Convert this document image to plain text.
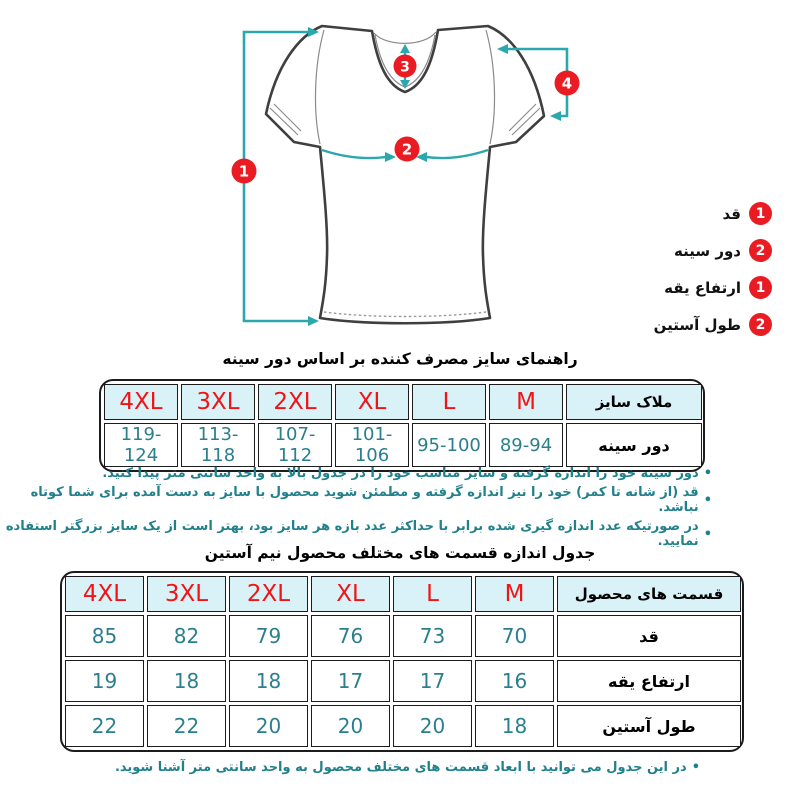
1
2
3
4
1
قد
2
دور سینه
1
ارتفاع یقه
2
طول آستین
راهنمای سایز مصرف کننده بر اساس دور سینه
4XL	3XL	2XL	XL	L	M	ملاک سایز
119-124	113-118	107-112	101-106	95-100	89-94	دور سینه
•
دور سینه خود را اندازه گرفته و سایز مناسب خود را در جدول بالا به واحد سانتی متر پیدا کنید.
•
قد (از شانه تا کمر) خود را نیز اندازه گرفته و مطمئن شوید محصول با سایز به دست آمده برای شما کوتاه نباشد.
•
در صورتیکه عدد اندازه گیری شده برابر با حداکثر عدد بازه هر سایز بود، بهتر است از یک سایز بزرگتر استفاده نمایید.
جدول اندازه قسمت های مختلف محصول نیم آستین
4XL	3XL	2XL	XL	L	M	قسمت های محصول
85	82	79	76	73	70	قد
19	18	18	17	17	16	ارتفاع یقه
22	22	20	20	20	18	طول آستین
•
در این جدول می توانید با ابعاد قسمت های مختلف محصول به واحد سانتی متر آشنا شوید.
